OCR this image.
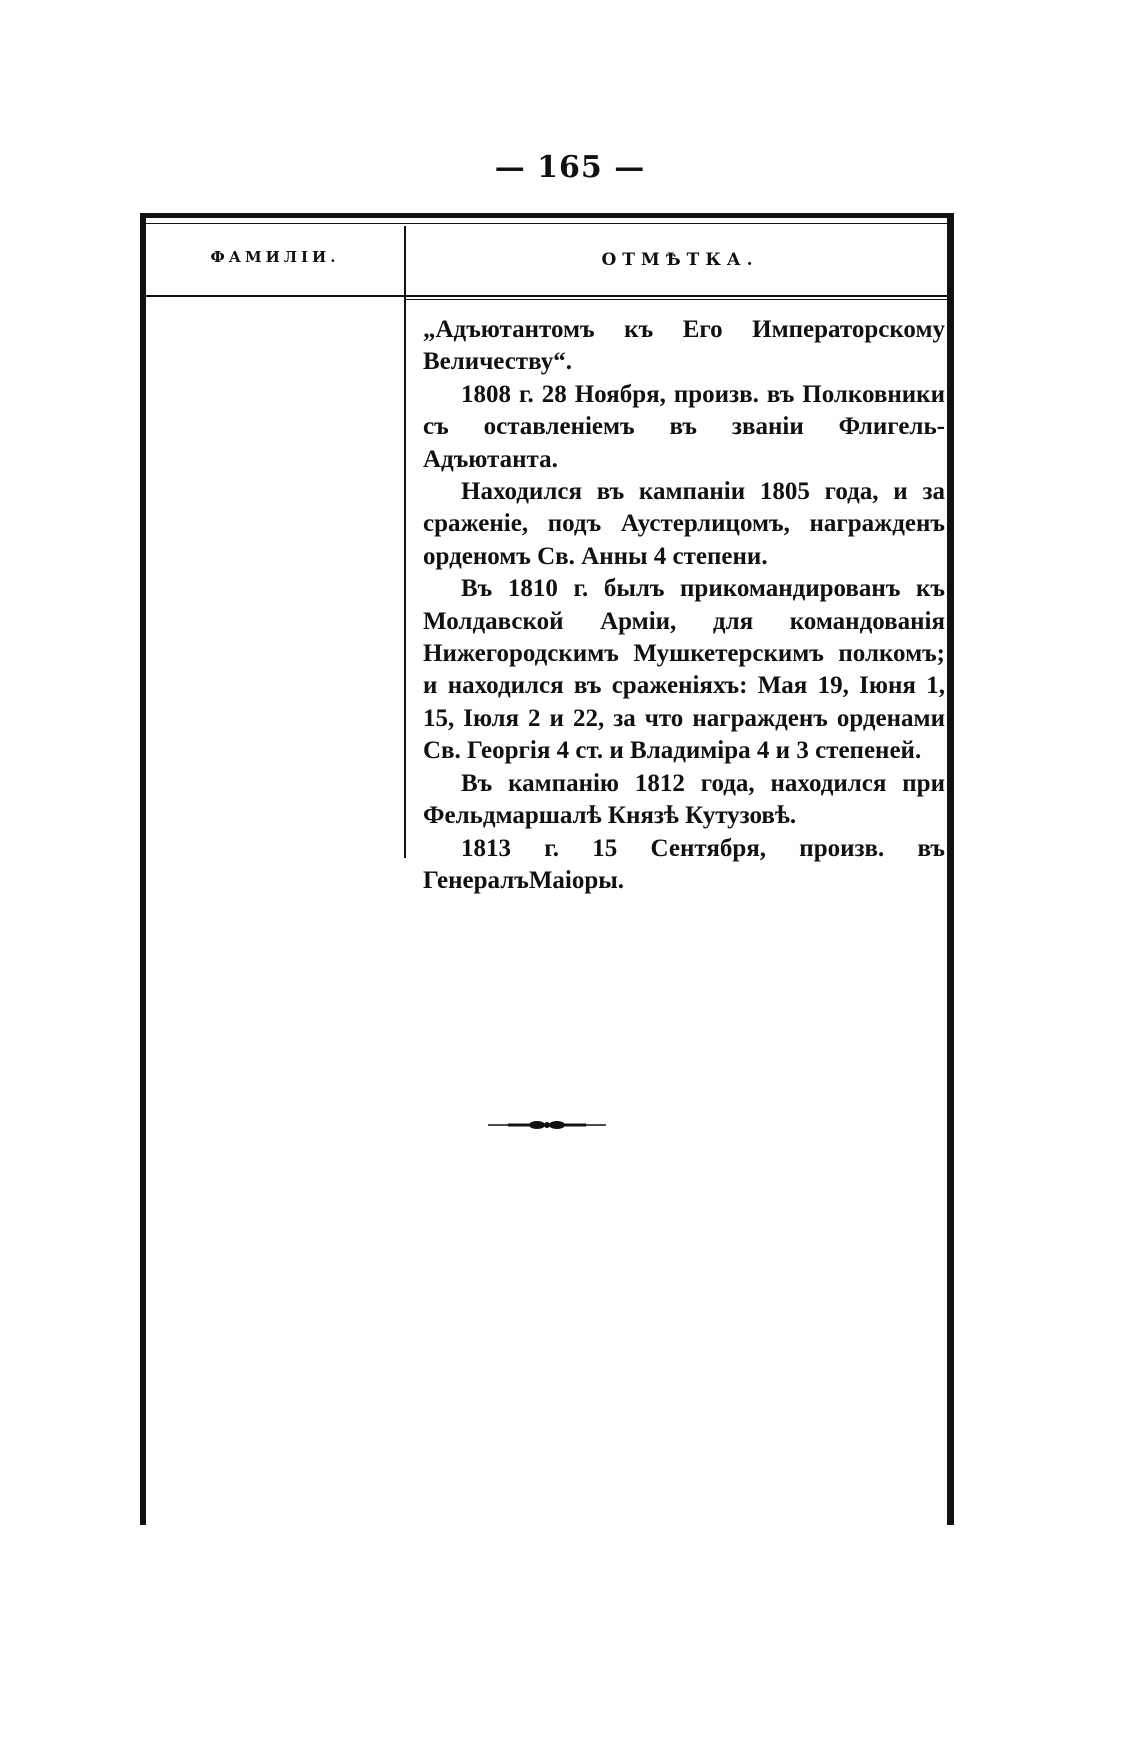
— 165 —
ФАМИЛІИ.	ОТМѢТКА.

„Адъютантомъ къ Его Императорскому Величеству“.

1808 г. 28 Ноября, произв. въ Полковники съ оставленіемъ въ званіи Флигель-Адъютанта.

Находился въ кампаніи 1805 года, и за сраженіе, подъ Аустерлицомъ, награжденъ орденомъ Св. Анны 4 степени.

Въ 1810 г. былъ прикомандированъ къ Молдавской Арміи, для командованія Нижегородскимъ Мушкетерскимъ полкомъ; и находился въ сраженіяхъ: Мая 19, Іюня 1, 15, Іюля 2 и 22, за что награжденъ орденами Св. Георгія 4 ст. и Владиміра 4 и 3 степеней.

Въ кампанію 1812 года, находился при Фельдмаршалѣ Князѣ Кутузовѣ.

1813 г. 15 Сентября, произв. въ ГенералъМаіоры.
